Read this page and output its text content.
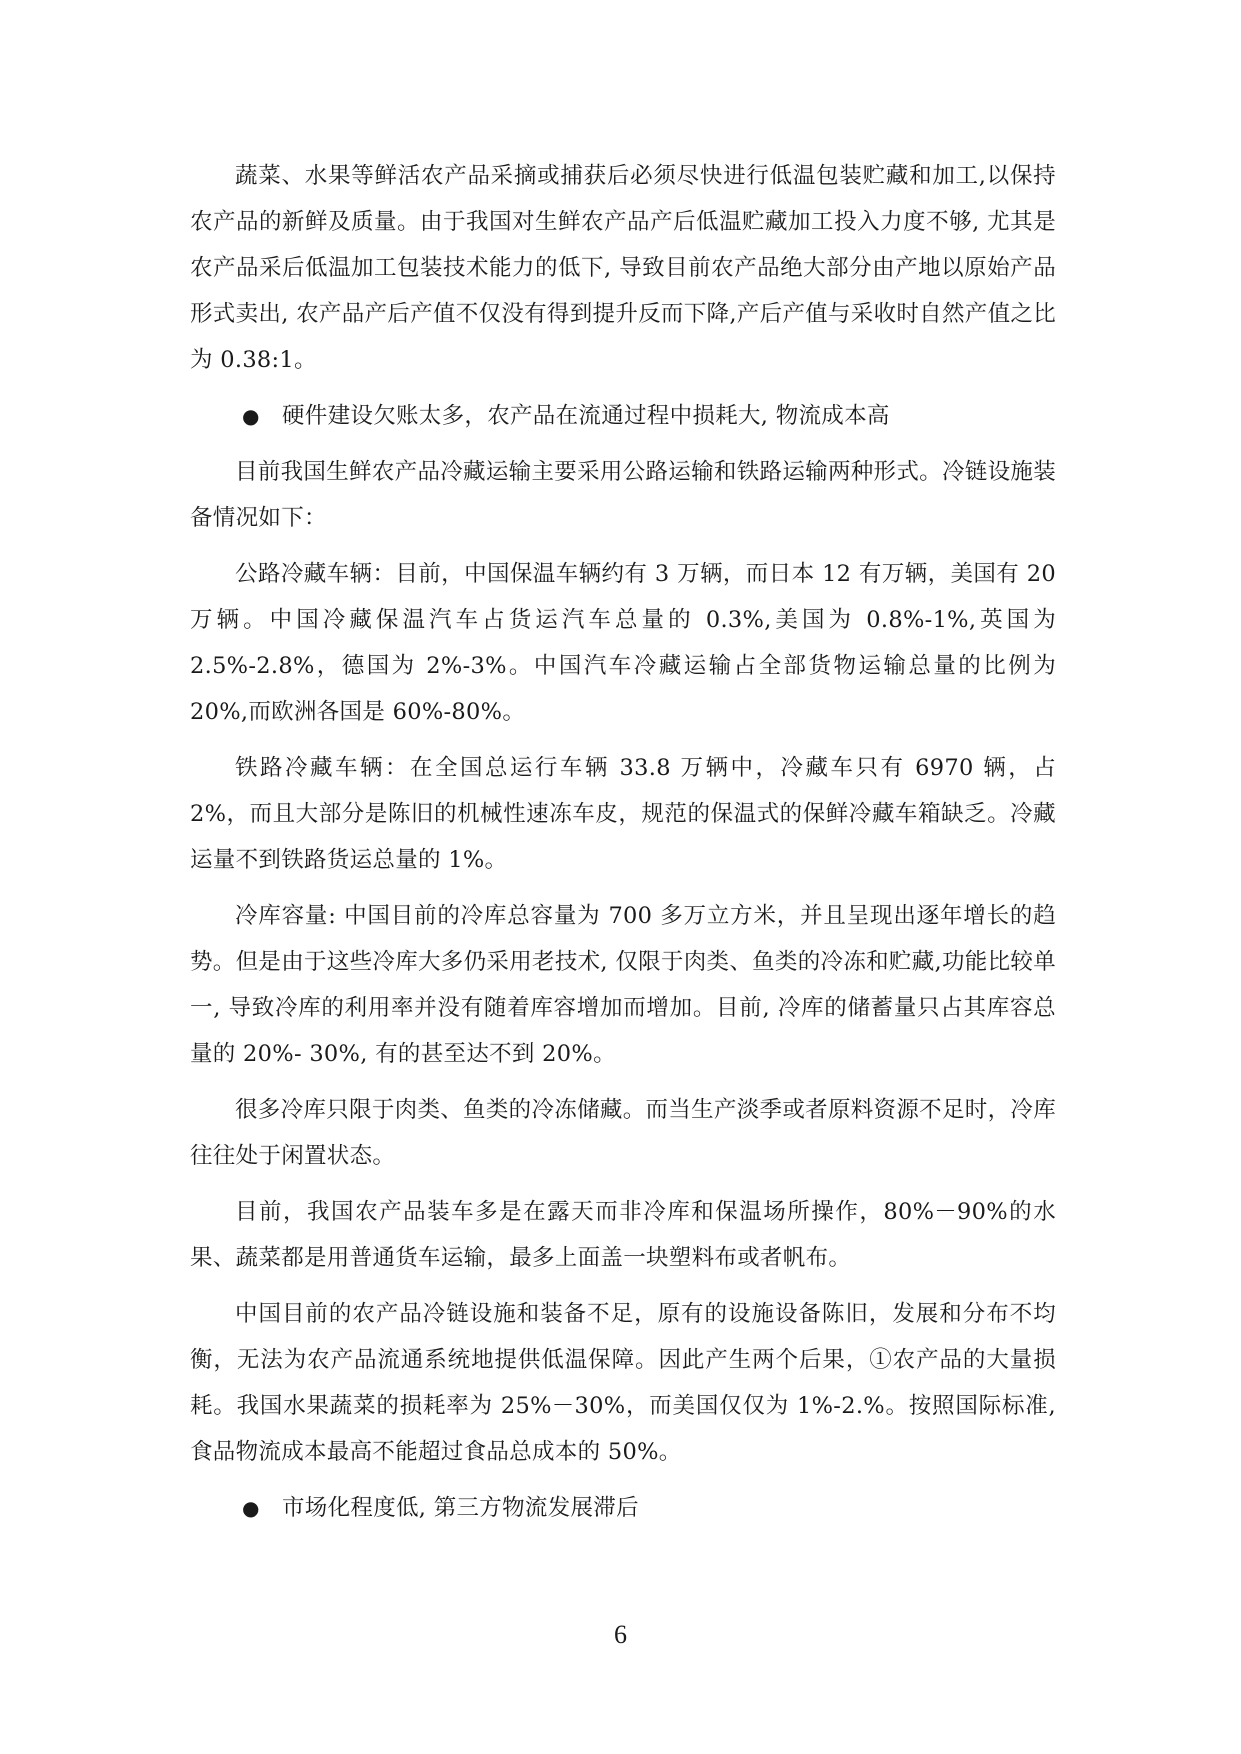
蔬菜、水果等鲜活农产品采摘或捕获后必须尽快进行低温包装贮藏和加工,以保持农产品的新鲜及质量。由于我国对生鲜农产品产后低温贮藏加工投入力度不够, 尤其是农产品采后低温加工包装技术能力的低下, 导致目前农产品绝大部分由产地以原始产品形式卖出, 农产品产后产值不仅没有得到提升反而下降,产后产值与采收时自然产值之比为 0.38:1。

● 硬件建设欠账太多，农产品在流通过程中损耗大, 物流成本高

目前我国生鲜农产品冷藏运输主要采用公路运输和铁路运输两种形式。冷链设施装备情况如下：

公路冷藏车辆：目前，中国保温车辆约有 3 万辆，而日本 12 有万辆，美国有 20 万辆。中国冷藏保温汽车占货运汽车总量的 0.3%,美国为 0.8%-1%,英国为 2.5%-2.8%，德国为 2%-3%。中国汽车冷藏运输占全部货物运输总量的比例为 20%,而欧洲各国是 60%-80%。

铁路冷藏车辆：在全国总运行车辆 33.8 万辆中，冷藏车只有 6970 辆，占 2%，而且大部分是陈旧的机械性速冻车皮，规范的保温式的保鲜冷藏车箱缺乏。冷藏运量不到铁路货运总量的 1%。

冷库容量: 中国目前的冷库总容量为 700 多万立方米，并且呈现出逐年增长的趋势。但是由于这些冷库大多仍采用老技术, 仅限于肉类、鱼类的冷冻和贮藏,功能比较单一, 导致冷库的利用率并没有随着库容增加而增加。目前, 冷库的储蓄量只占其库容总量的 20%- 30%, 有的甚至达不到 20%。

很多冷库只限于肉类、鱼类的冷冻储藏。而当生产淡季或者原料资源不足时，冷库往往处于闲置状态。

目前，我国农产品装车多是在露天而非冷库和保温场所操作，80%－90%的水果、蔬菜都是用普通货车运输，最多上面盖一块塑料布或者帆布。

中国目前的农产品冷链设施和装备不足，原有的设施设备陈旧，发展和分布不均衡，无法为农产品流通系统地提供低温保障。因此产生两个后果，①农产品的大量损耗。我国水果蔬菜的损耗率为 25%－30%，而美国仅仅为 1%-2.%。按照国际标准, 食品物流成本最高不能超过食品总成本的 50%。

● 市场化程度低, 第三方物流发展滞后
6
